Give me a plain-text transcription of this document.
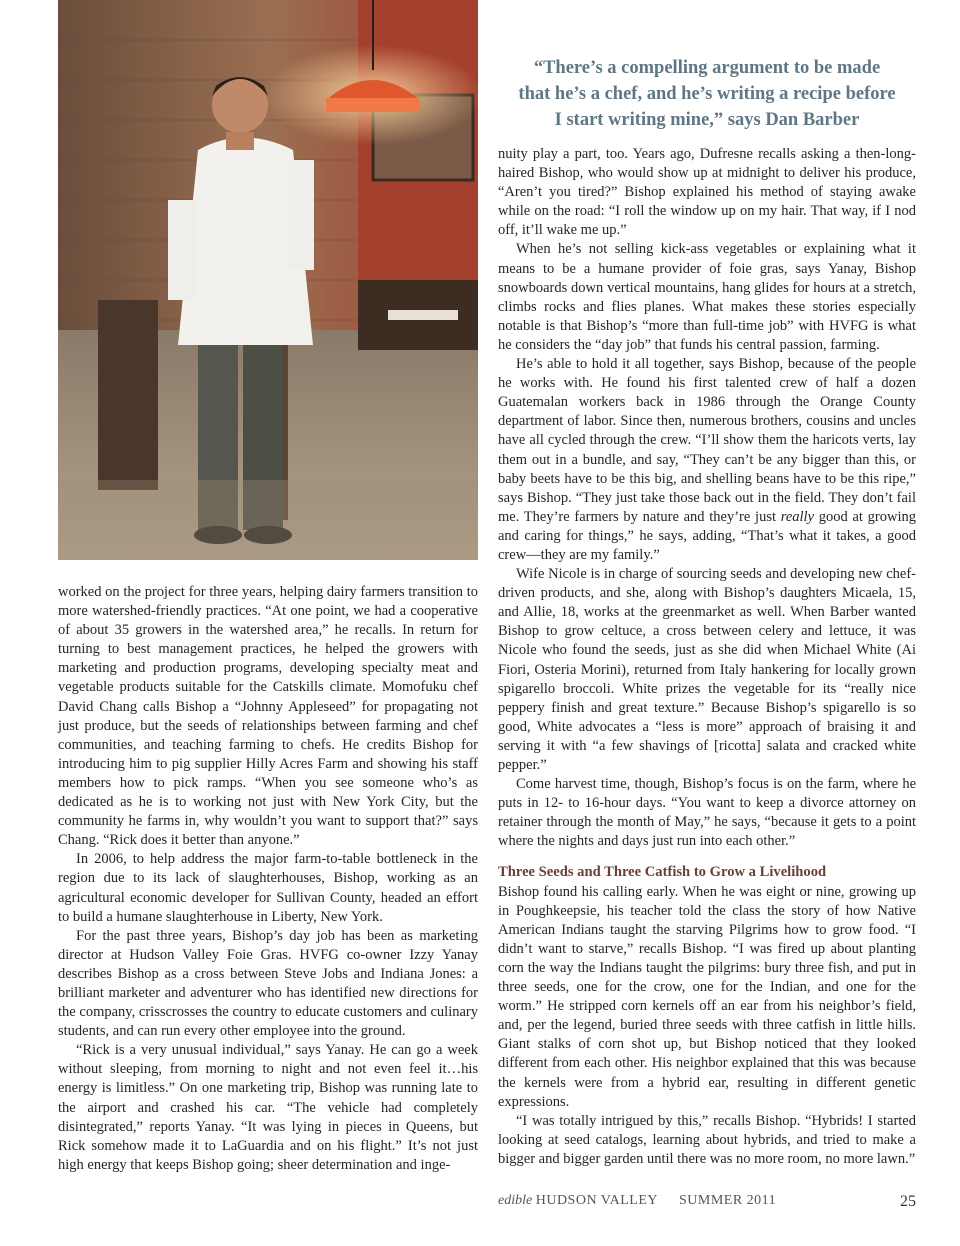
“There’s a compelling argument to be made
that he’s a chef, and he’s writing a recipe before
I start writing mine,” says Dan Barber

worked on the project for three years, helping dairy farmers transition to more watershed-friendly practices. “At one point, we had a cooperative of about 35 growers in the watershed area,” he recalls. In return for turning to best management practices, he helped the growers with marketing and production programs, developing specialty meat and vegetable products suitable for the Catskills climate. Momofuku chef David Chang calls Bishop a “Johnny Appleseed” for propagating not just produce, but the seeds of relationships between farming and chef communities, and teaching farming to chefs. He credits Bishop for introducing him to pig supplier Hilly Acres Farm and showing his staff members how to pick ramps. “When you see someone who’s as dedicated as he is to working not just with New York City, but the community he farms in, why wouldn’t you want to support that?” says Chang. “Rick does it better than anyone.”

In 2006, to help address the major farm-to-table bottleneck in the region due to its lack of slaughterhouses, Bishop, working as an agricultural economic developer for Sullivan County, headed an effort to build a humane slaughterhouse in Liberty, New York.

For the past three years, Bishop’s day job has been as marketing director at Hudson Valley Foie Gras. HVFG co-owner Izzy Yanay describes Bishop as a cross between Steve Jobs and Indiana Jones: a brilliant marketer and adventurer who has identified new directions for the company, crisscrosses the country to educate customers and culinary students, and can run every other employee into the ground.

“Rick is a very unusual individual,” says Yanay. He can go a week without sleeping, from morning to night and not even feel it…his energy is limitless.” On one marketing trip, Bishop was running late to the airport and crashed his car. “The vehicle had completely disintegrated,” reports Yanay. “It was lying in pieces in Queens, but Rick somehow made it to LaGuardia and on his flight.” It’s not just high energy that keeps Bishop going; sheer determination and inge-

nuity play a part, too. Years ago, Dufresne recalls asking a then-long-haired Bishop, who would show up at midnight to deliver his produce, “Aren’t you tired?” Bishop explained his method of staying awake while on the road: “I roll the window up on my hair. That way, if I nod off, it’ll wake me up.”

When he’s not selling kick-ass vegetables or explaining what it means to be a humane provider of foie gras, says Yanay, Bishop snowboards down vertical mountains, hang glides for hours at a stretch, climbs rocks and flies planes. What makes these stories especially notable is that Bishop’s “more than full-time job” with HVFG is what he considers the “day job” that funds his central passion, farming.

He’s able to hold it all together, says Bishop, because of the people he works with. He found his first talented crew of half a dozen Guatemalan workers back in 1986 through the Orange County department of labor. Since then, numerous brothers, cousins and uncles have all cycled through the crew. “I’ll show them the haricots verts, lay them out in a bundle, and say, “They can’t be any bigger than this, or baby beets have to be this big, and shelling beans have to be this ripe,” says Bishop. “They just take those back out in the field. They don’t fail me. They’re farmers by nature and they’re just really good at growing and caring for things,” he says, adding, “That’s what it takes, a good crew—they are my family.”

Wife Nicole is in charge of sourcing seeds and developing new chef-driven products, and she, along with Bishop’s daughters Micaela, 15, and Allie, 18, works at the greenmarket as well. When Barber wanted Bishop to grow celtuce, a cross between celery and lettuce, it was Nicole who found the seeds, just as she did when Michael White (Ai Fiori, Osteria Morini), returned from Italy hankering for locally grown spigarello broccoli. White prizes the vegetable for its “really nice peppery finish and great texture.” Because Bishop’s spigarello is so good, White advocates a “less is more” approach of braising it and serving it with “a few shavings of [ricotta] salata and cracked white pepper.”

Come harvest time, though, Bishop’s focus is on the farm, where he puts in 12- to 16-hour days. “You want to keep a divorce attorney on retainer through the month of May,” he says, “because it gets to a point where the nights and days just run into each other.”

Three Seeds and Three Catfish to Grow a Livelihood

Bishop found his calling early. When he was eight or nine, growing up in Poughkeepsie, his teacher told the class the story of how Native American Indians taught the starving Pilgrims how to grow food. “I didn’t want to starve,” recalls Bishop. “I was fired up about planting corn the way the Indians taught the pilgrims: bury three fish, and put in three seeds, one for the crow, one for the Indian, and one for the worm.” He stripped corn kernels off an ear from his neighbor’s field, and, per the legend, buried three seeds with three catfish in little hills. Giant stalks of corn shot up, but Bishop noticed that they looked different from each other. His neighbor explained that this was because the kernels were from a hybrid ear, resulting in different genetic expressions.

“I was totally intrigued by this,” recalls Bishop. “Hybrids! I started looking at seed catalogs, learning about hybrids, and tried to make a bigger and bigger garden until there was no more room, no more lawn.”

edible HUDSON VALLEY SUMMER 2011	25
